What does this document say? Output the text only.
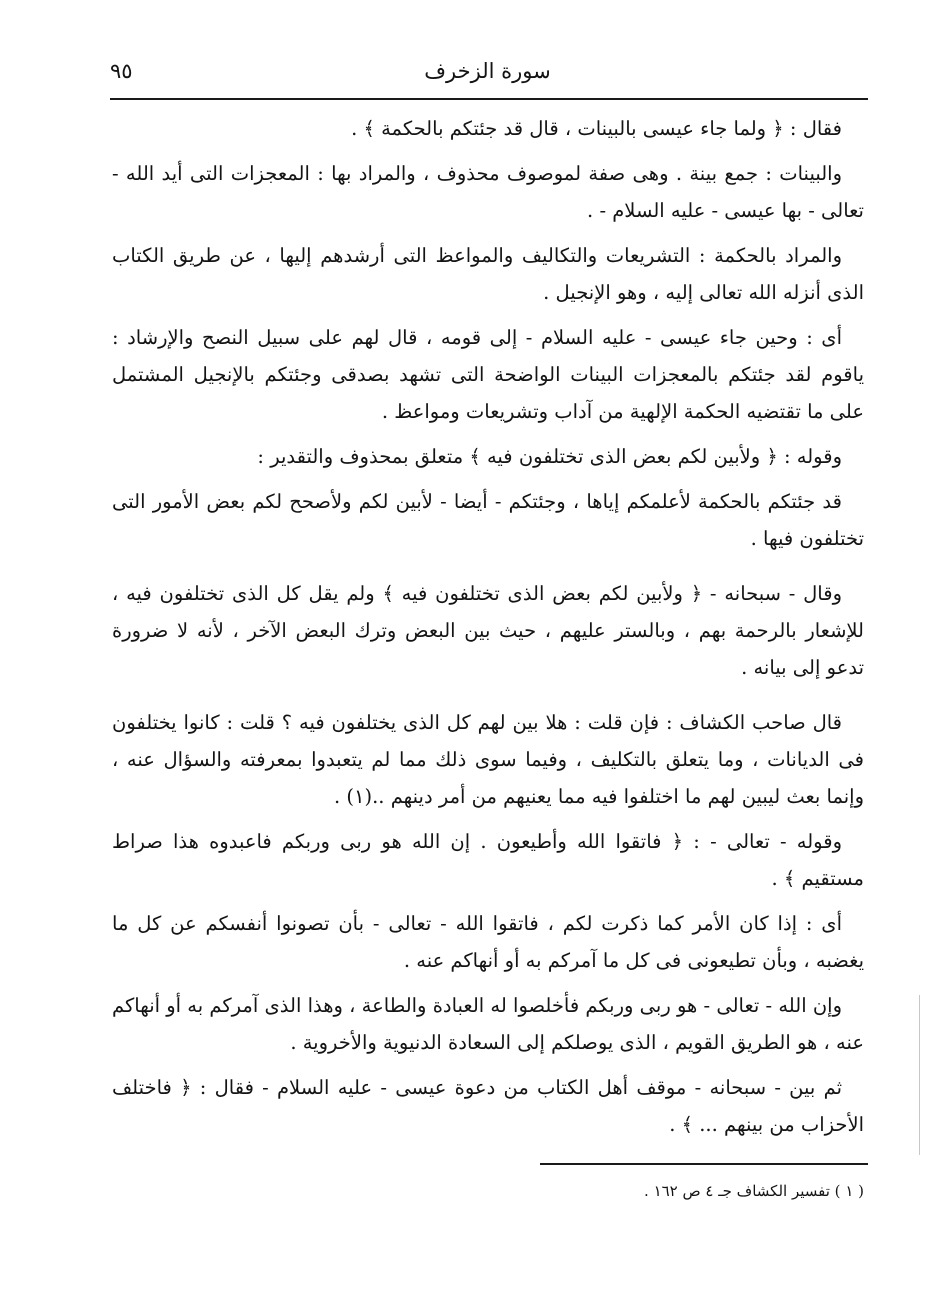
سورة الزخرف
٩٥

فقال : ﴿ ولما جاء عيسى بالبينات ، قال قد جئتكم بالحكمة ﴾ .

والبينات : جمع بينة . وهى صفة لموصوف محذوف ، والمراد بها : المعجزات التى أيد الله - تعالى - بها عيسى - عليه السلام - .

والمراد بالحكمة : التشريعات والتكاليف والمواعظ التى أرشدهم إليها ، عن طريق الكتاب الذى أنزله الله تعالى إليه ، وهو الإنجيل .

أى : وحين جاء عيسى - عليه السلام - إلى قومه ، قال لهم على سبيل النصح والإرشاد : ياقوم لقد جئتكم بالمعجزات البينات الواضحة التى تشهد بصدقى وجئتكم بالإنجيل المشتمل على ما تقتضيه الحكمة الإلهية من آداب وتشريعات ومواعظ .

وقوله : ﴿ ولأبين لكم بعض الذى تختلفون فيه ﴾ متعلق بمحذوف والتقدير :

قد جئتكم بالحكمة لأعلمكم إياها ، وجئتكم - أيضا - لأبين لكم ولأصحح لكم بعض الأمور التى تختلفون فيها .

وقال - سبحانه - ﴿ ولأبين لكم بعض الذى تختلفون فيه ﴾ ولم يقل كل الذى تختلفون فيه ، للإشعار بالرحمة بهم ، وبالستر عليهم ، حيث بين البعض وترك البعض الآخر ، لأنه لا ضرورة تدعو إلى بيانه .

قال صاحب الكشاف : فإن قلت : هلا بين لهم كل الذى يختلفون فيه ؟ قلت : كانوا يختلفون فى الديانات ، وما يتعلق بالتكليف ، وفيما سوى ذلك مما لم يتعبدوا بمعرفته والسؤال عنه ، وإنما بعث ليبين لهم ما اختلفوا فيه مما يعنيهم من أمر دينهم ..(١) .

وقوله - تعالى - : ﴿ فاتقوا الله وأطيعون . إن الله هو ربى وربكم فاعبدوه هذا صراط مستقيم ﴾ .

أى : إذا كان الأمر كما ذكرت لكم ، فاتقوا الله - تعالى - بأن تصونوا أنفسكم عن كل ما يغضبه ، وبأن تطيعونى فى كل ما آمركم به أو أنهاكم عنه .

وإن الله - تعالى - هو ربى وربكم فأخلصوا له العبادة والطاعة ، وهذا الذى آمركم به أو أنهاكم عنه ، هو الطريق القويم ، الذى يوصلكم إلى السعادة الدنيوية والأخروية .

ثم بين - سبحانه - موقف أهل الكتاب من دعوة عيسى - عليه السلام - فقال : ﴿ فاختلف الأحزاب من بينهم ... ﴾ .

( ١ ) تفسير الكشاف جـ ٤ ص ١٦٢ .
